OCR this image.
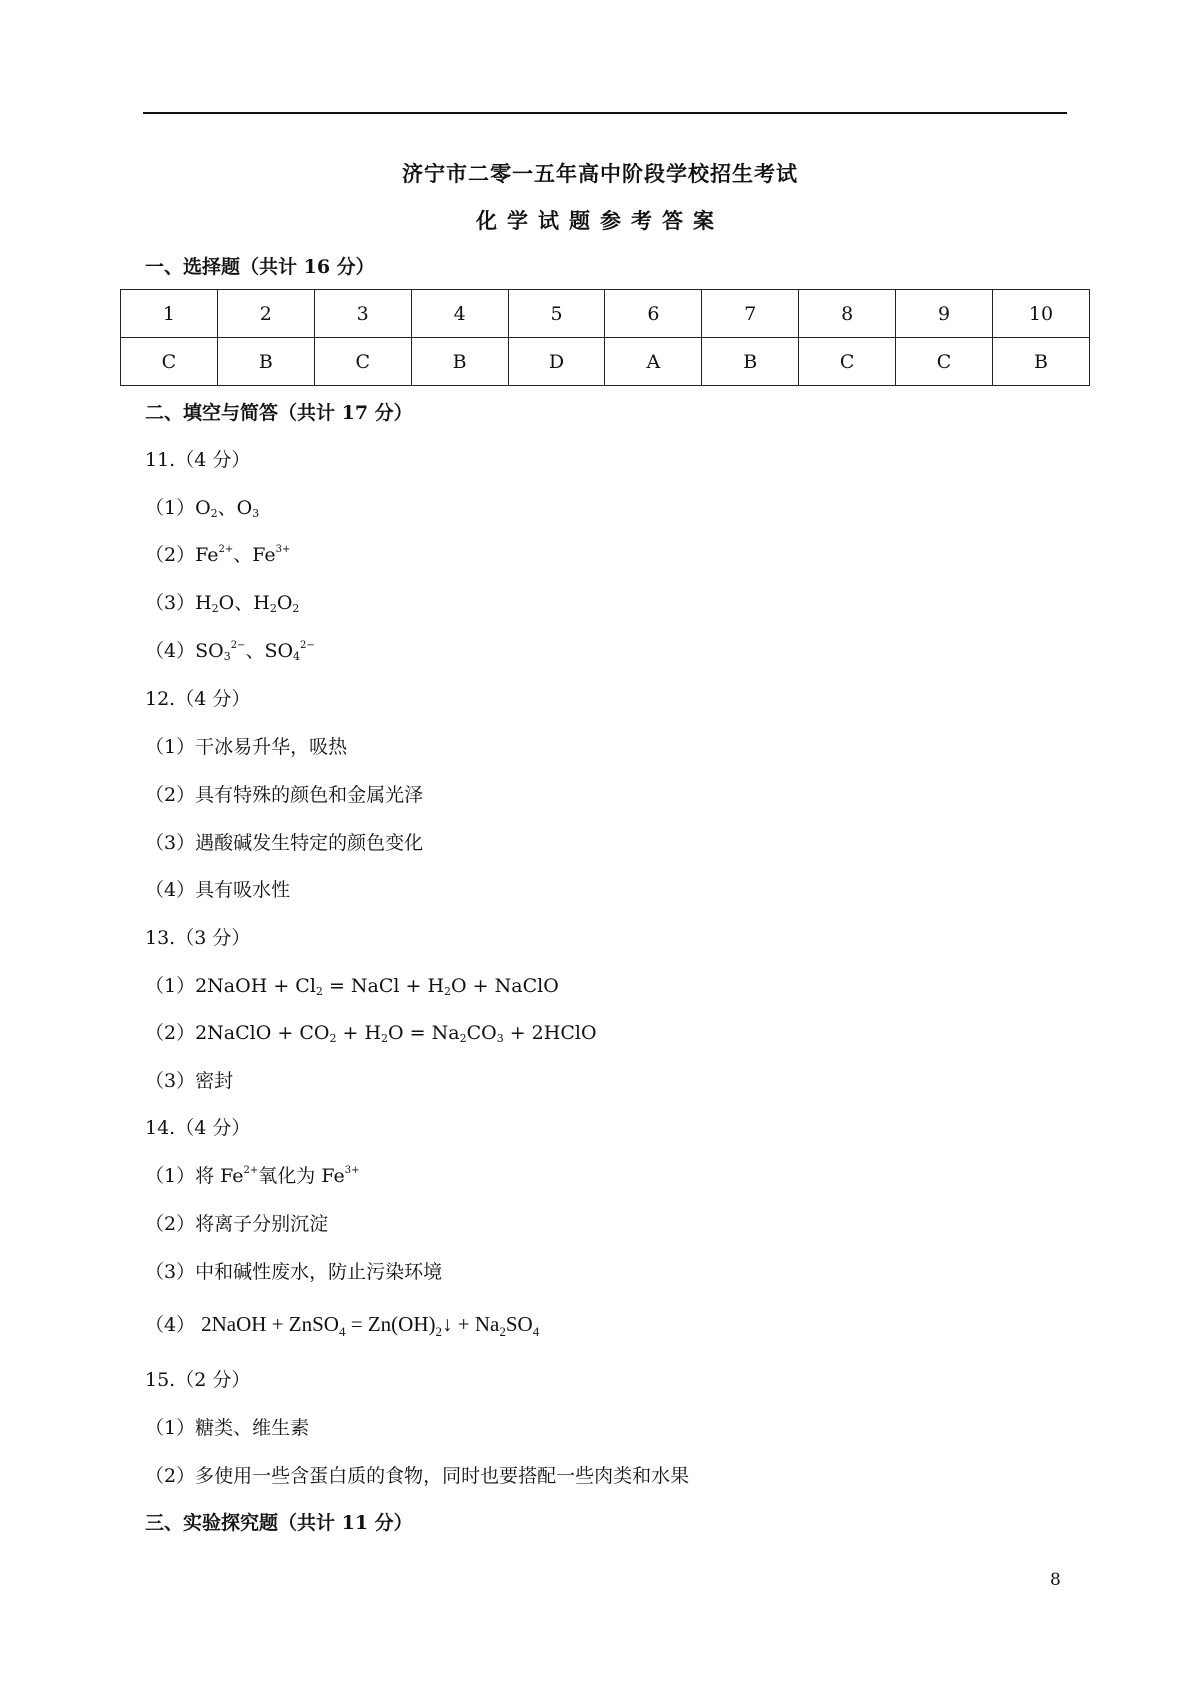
济宁市二零一五年高中阶段学校招生考试
化学试题参考答案
一、选择题（共计 16 分）
1	2	3	4	5	6	7	8	9	10
C	B	C	B	D	A	B	C	C	B
二、填空与简答（共计 17 分）
11.（4 分）
$(1)O_2$、$O_3$
$(2)Fe^{2+}$、$Fe^{3+}$
$(3)H_2O$、$H_2O_2$
$(4)SO_3^{2-}$、$SO_4^{2-}$
12.（4 分）
（1）干冰易升华，吸热
（2）具有特殊的颜色和金属光泽
（3）遇酸碱发生特定的颜色变化
（4）具有吸水性
13.（3 分）
（1）2NaOH + $Cl_2$ = NaCl + $H_2O$ + NaClO
（2）2NaClO + $CO_2 + H_2O = Na_2CO_3$ + 2HClO
（3）密封
14.（4 分）
（1）将 $Fe^{2+}$氧化为 $Fe^{3+}$
（2）将离子分别沉淀
（3）中和碱性废水，防止污染环境
（4） 2NaOH + ZnSO$_4$ = $Zn(OH)_2↓ + Na_2SO_4$
15.（2 分）
（1）糖类、维生素
（2）多使用一些含蛋白质的食物，同时也要搭配一些肉类和水果
三、实验探究题（共计 11 分）
8
